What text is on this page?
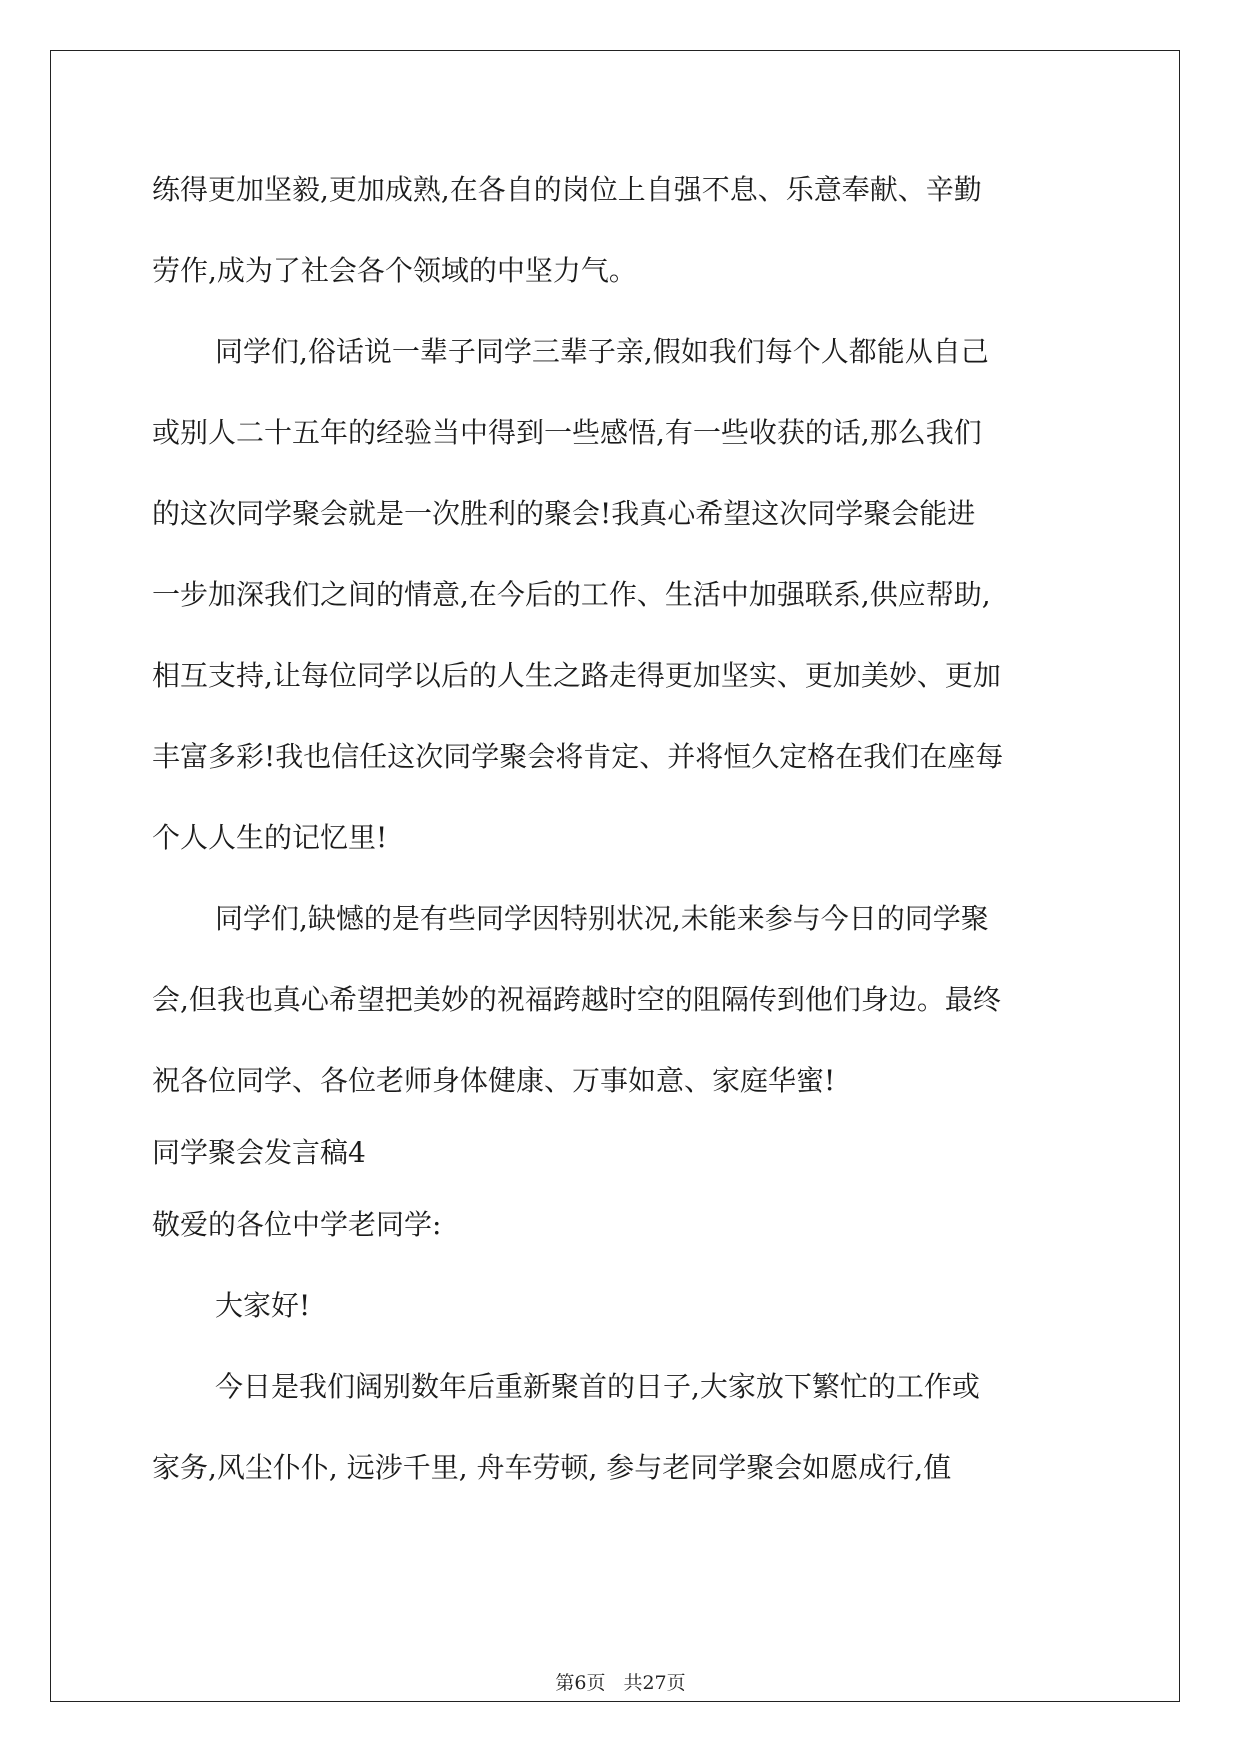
练得更加坚毅,更加成熟,在各自的岗位上自强不息、乐意奉献、辛勤
劳作,成为了社会各个领域的中坚力气。
同学们,俗话说一辈子同学三辈子亲,假如我们每个人都能从自己
或别人二十五年的经验当中得到一些感悟,有一些收获的话,那么我们
的这次同学聚会就是一次胜利的聚会!我真心希望这次同学聚会能进
一步加深我们之间的情意,在今后的工作、生活中加强联系,供应帮助,
相互支持,让每位同学以后的人生之路走得更加坚实、更加美妙、更加
丰富多彩!我也信任这次同学聚会将肯定、并将恒久定格在我们在座每
个人人生的记忆里!
同学们,缺憾的是有些同学因特别状况,未能来参与今日的同学聚
会,但我也真心希望把美妙的祝福跨越时空的阻隔传到他们身边。最终
祝各位同学、各位老师身体健康、万事如意、家庭华蜜!
同学聚会发言稿4
敬爱的各位中学老同学:
大家好!
今日是我们阔别数年后重新聚首的日子,大家放下繁忙的工作或
家务,风尘仆仆, 远涉千里, 舟车劳顿, 参与老同学聚会如愿成行,值
第6页 共27页
